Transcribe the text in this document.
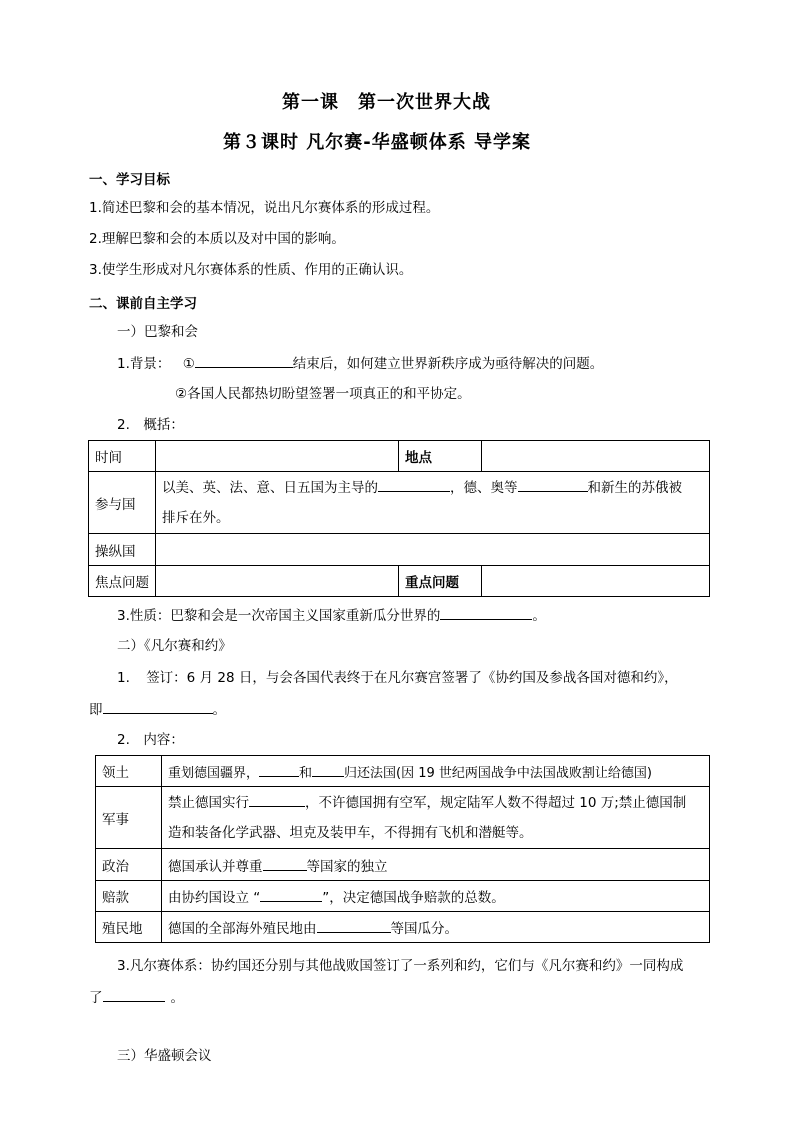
第一课　第一次世界大战
第３课时 凡尔赛-华盛顿体系 导学案
一、学习目标
1.简述巴黎和会的基本情况，说出凡尔赛体系的形成过程。
2.理解巴黎和会的本质以及对中国的影响。
3.使学生形成对凡尔赛体系的性质、作用的正确认识。
二、课前自主学习
一）巴黎和会
1.背景： ①	结束后，如何建立世界新秩序成为亟待解决的问题。
②各国人民都热切盼望签署一项真正的和平协定。
2.　概括：
时间		地点	
参与国	以美、英、法、意、日五国为主导的 ，德、奥等 和新生的苏俄被
排斥在外。		
操纵国			
焦点问题		重点问题	
3.性质：巴黎和会是一次帝国主义国家重新瓜分世界的	。
二）《凡尔赛和约》
1. 签订：6 月 28 日，与会各国代表终于在凡尔赛宫签署了《协约国及参战各国对德和约》，
即	。
2.　内容：
领土	重划德国疆界， 和 归还法国(因 19 世纪两国战争中法国战败割让给德国)
军事	禁止德国实行 ，不许德国拥有空军，规定陆军人数不得超过 10 万;禁止德国制
造和装备化学武器、坦克及装甲车，不得拥有飞机和潜艇等。
政治	德国承认并尊重 等国家的独立
赔款	由协约国设立 “ ”，决定德国战争赔款的总数。
殖民地	德国的全部海外殖民地由 等国瓜分。
3.凡尔赛体系：协约国还分别与其他战败国签订了一系列和约，它们与《凡尔赛和约》一同构成
了	。
三）华盛顿会议
